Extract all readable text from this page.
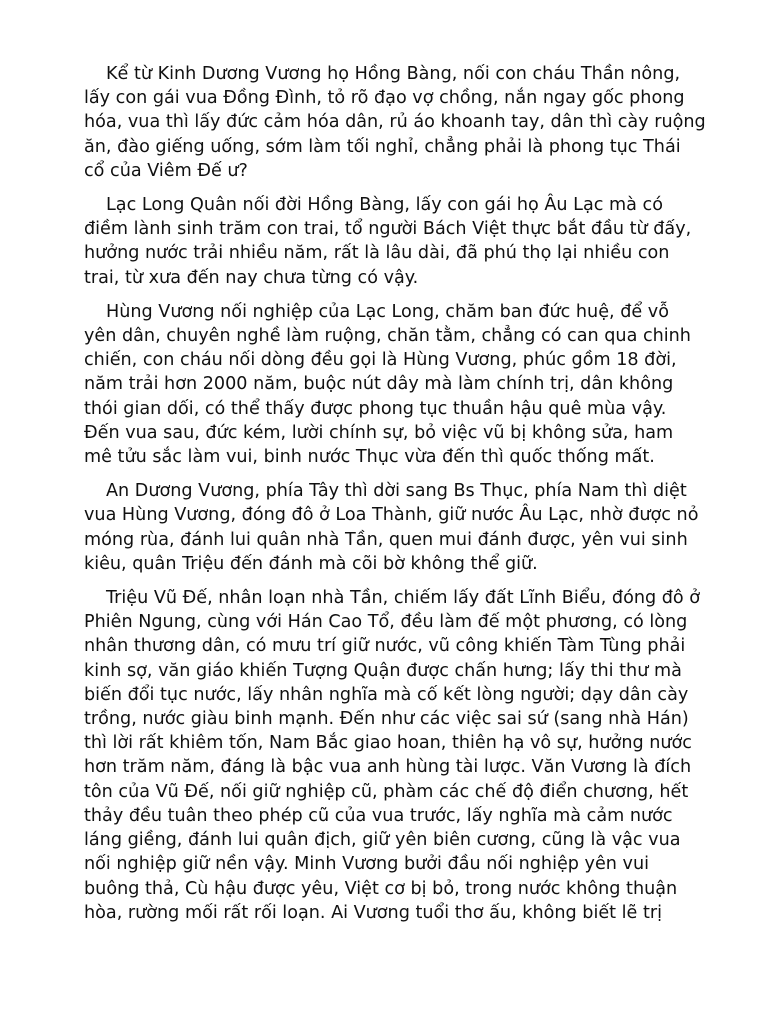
Kể từ Kinh Dương Vương họ Hồng Bàng, nối con cháu Thần nông, lấy con gái vua Đồng Đình, tỏ rõ đạo vợ chồng, nắn ngay gốc phong hóa, vua thì lấy đức cảm hóa dân, rủ áo khoanh tay, dân thì cày ruộng ăn, đào giếng uống, sớm làm tối nghỉ, chẳng phải là phong tục Thái cổ của Viêm Đế ư?

Lạc Long Quân nối đời Hồng Bàng, lấy con gái họ Âu Lạc mà có điềm lành sinh trăm con trai, tổ người Bách Việt thực bắt đầu từ đấy, hưởng nước trải nhiều năm, rất là lâu dài, đã phú thọ lại nhiều con trai, từ xưa đến nay chưa từng có vậy.

Hùng Vương nối nghiệp của Lạc Long, chăm ban đức huệ, để vỗ yên dân, chuyên nghề làm ruộng, chăn tằm, chẳng có can qua chinh chiến, con cháu nối dòng đều gọi là Hùng Vương, phúc gồm 18 đời, năm trải hơn 2000 năm, buộc nút dây mà làm chính trị, dân không thói gian dối, có thể thấy được phong tục thuần hậu quê mùa vậy. Đến vua sau, đức kém, lười chính sự, bỏ việc vũ bị không sửa, ham mê tửu sắc làm vui, binh nước Thục vừa đến thì quốc thống mất.

An Dương Vương, phía Tây thì dời sang Bs Thục, phía Nam thì diệt vua Hùng Vương, đóng đô ở Loa Thành, giữ nước Âu Lạc, nhờ được nỏ móng rùa, đánh lui quân nhà Tần, quen mui đánh được, yên vui sinh kiêu, quân Triệu đến đánh mà cõi bờ không thể giữ.

Triệu Vũ Đế, nhân loạn nhà Tần, chiếm lấy đất Lĩnh Biểu, đóng đô ở Phiên Ngung, cùng với Hán Cao Tổ, đều làm đế một phương, có lòng nhân thương dân, có mưu trí giữ nước, vũ công khiến Tàm Tùng phải kinh sợ, văn giáo khiến Tượng Quận được chấn hưng; lấy thi thư mà biến đổi tục nước, lấy nhân nghĩa mà cố kết lòng người; dạy dân cày trồng, nước giàu binh mạnh. Đến như các việc sai sứ (sang nhà Hán) thì lời rất khiêm tốn, Nam Bắc giao hoan, thiên hạ vô sự, hưởng nước hơn trăm năm, đáng là bậc vua anh hùng tài lược. Văn Vương là đích tôn của Vũ Đế, nối giữ nghiệp cũ, phàm các chế độ điển chương, hết thảy đều tuân theo phép cũ của vua trước, lấy nghĩa mà cảm nước láng giềng, đánh lui quân địch, giữ yên biên cương, cũng là vậc vua nối nghiệp giữ nền vậy. Minh Vương bưởi đầu nối nghiệp yên vui buông thả, Cù hậu được yêu, Việt cơ bị bỏ, trong nước không thuận hòa, rường mối rất rối loạn. Ai Vương tuổi thơ ấu, không biết lẽ trị
